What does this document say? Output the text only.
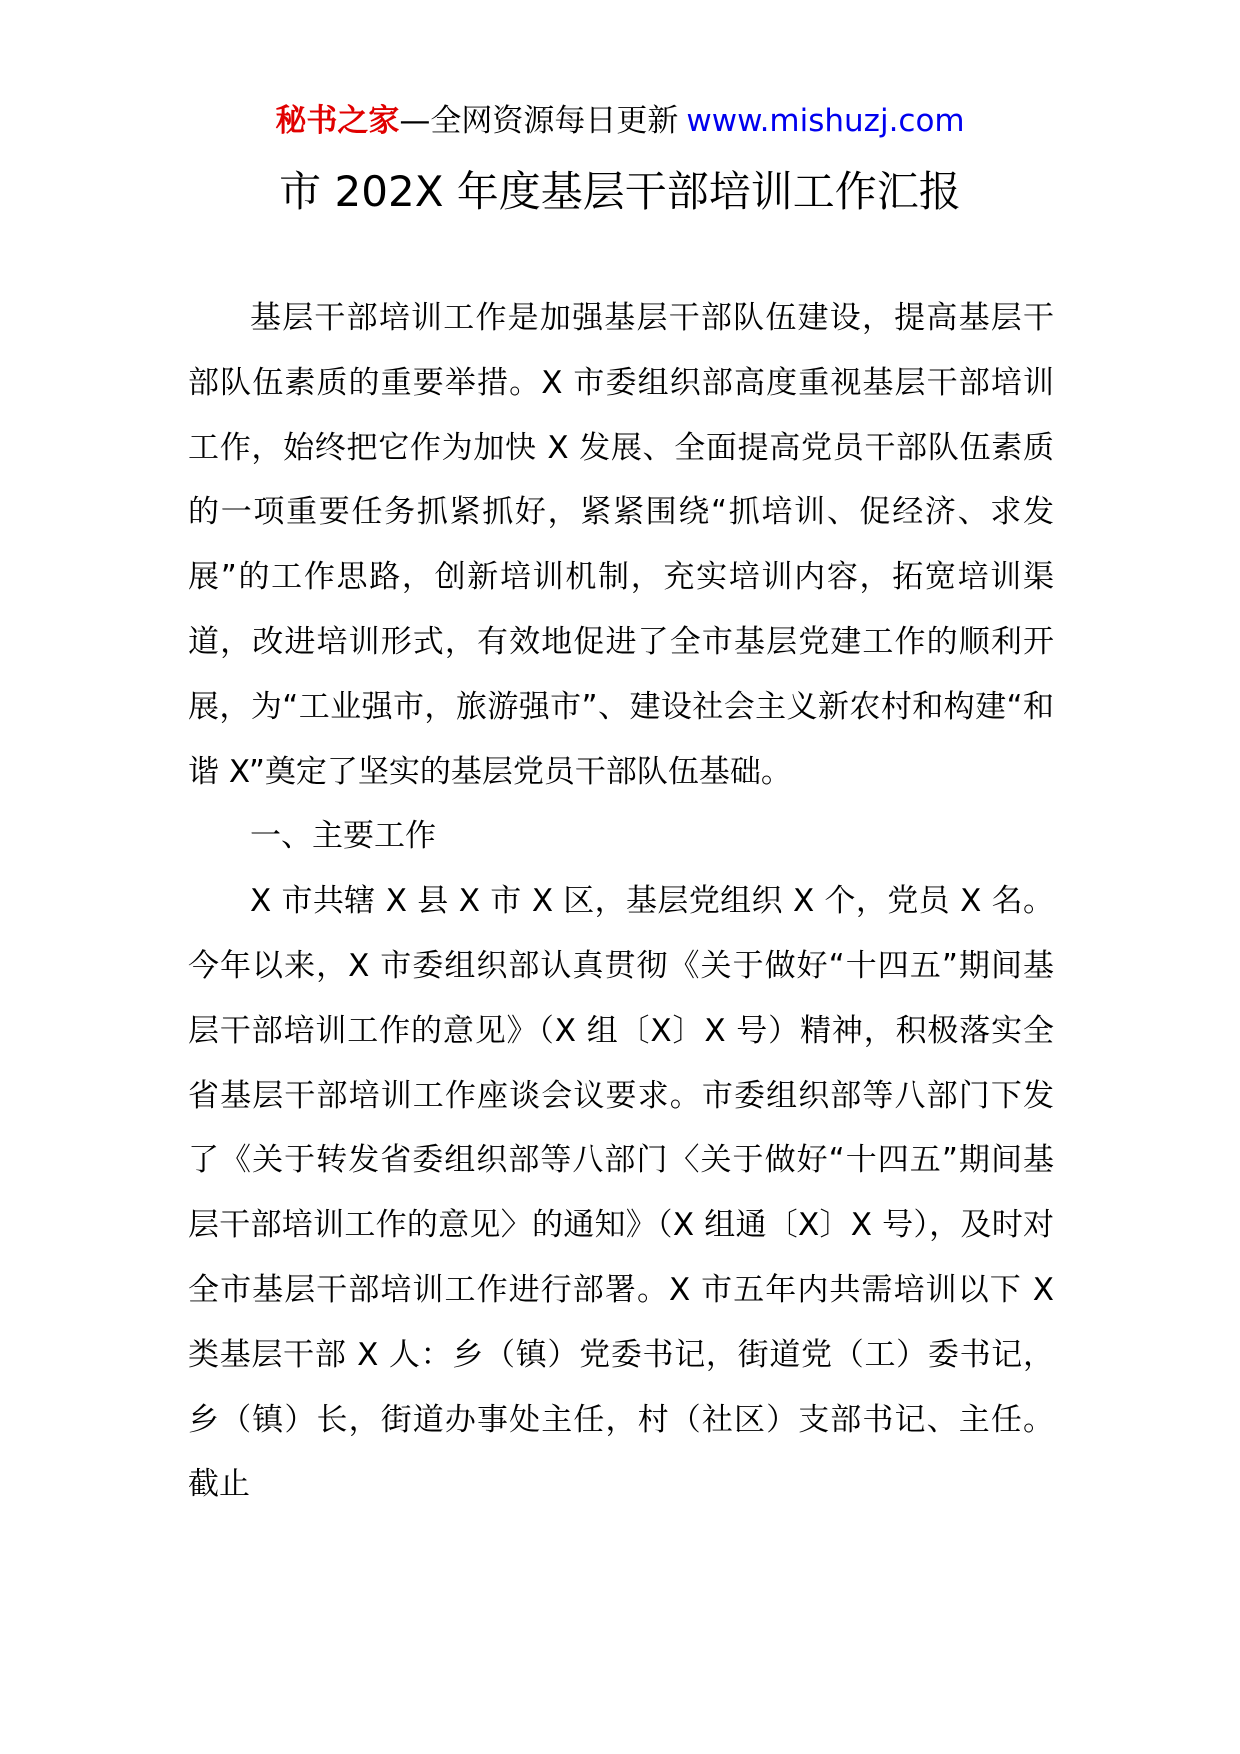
秘书之家—全网资源每日更新 www.mishuzj.com
市 202X 年度基层干部培训工作汇报

基层干部培训工作是加强基层干部队伍建设，提高基层干部队伍素质的重要举措。X 市委组织部高度重视基层干部培训工作，始终把它作为加快 X 发展、全面提高党员干部队伍素质的一项重要任务抓紧抓好，紧紧围绕“抓培训、促经济、求发展”的工作思路，创新培训机制，充实培训内容，拓宽培训渠道，改进培训形式，有效地促进了全市基层党建工作的顺利开展，为“工业强市，旅游强市”、建设社会主义新农村和构建“和谐 X”奠定了坚实的基层党员干部队伍基础。

一、主要工作

X 市共辖 X 县 X 市 X 区，基层党组织 X 个，党员 X 名。今年以来，X 市委组织部认真贯彻《关于做好“十四五”期间基层干部培训工作的意见》（X 组〔X〕X 号）精神，积极落实全省基层干部培训工作座谈会议要求。市委组织部等八部门下发了《关于转发省委组织部等八部门〈关于做好“十四五”期间基层干部培训工作的意见〉的通知》（X 组通〔X〕X 号），及时对全市基层干部培训工作进行部署。X 市五年内共需培训以下 X 类基层干部 X 人：乡（镇）党委书记，街道党（工）委书记，乡（镇）长，街道办事处主任，村（社区）支部书记、主任。截止
